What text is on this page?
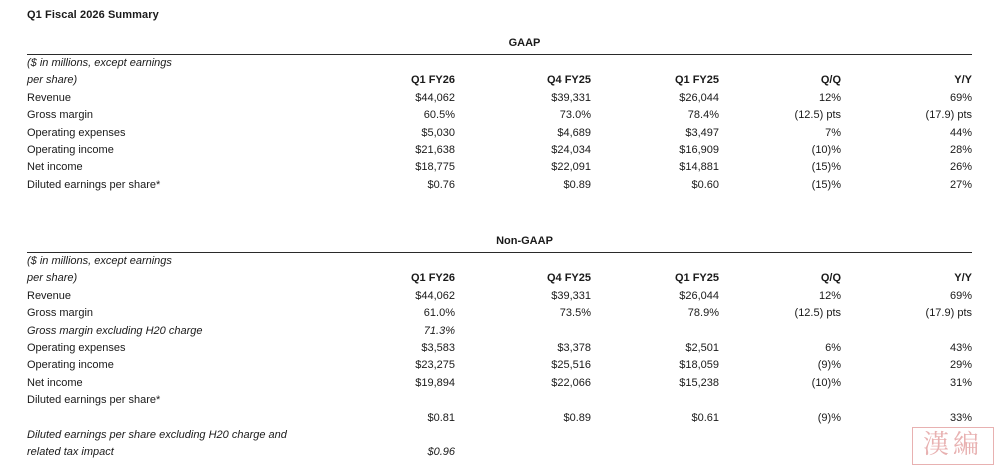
Q1 Fiscal 2026 Summary
GAAP
($ in millions, except earnings					
per share)	Q1 FY26	Q4 FY25	Q1 FY25	Q/Q	Y/Y
Revenue	$44,062	$39,331	$26,044	12%	69%
Gross margin	60.5%	73.0%	78.4%	(12.5) pts	(17.9) pts
Operating expenses	$5,030	$4,689	$3,497	7%	44%
Operating income	$21,638	$24,034	$16,909	(10)%	28%
Net income	$18,775	$22,091	$14,881	(15)%	26%
Diluted earnings per share*	$0.76	$0.89	$0.60	(15)%	27%
Non-GAAP
($ in millions, except earnings					
per share)	Q1 FY26	Q4 FY25	Q1 FY25	Q/Q	Y/Y
Revenue	$44,062	$39,331	$26,044	12%	69%
Gross margin	61.0%	73.5%	78.9%	(12.5) pts	(17.9) pts
Gross margin excluding H20 charge	71.3%				
Operating expenses	$3,583	$3,378	$2,501	6%	43%
Operating income	$23,275	$25,516	$18,059	(9)%	29%
Net income	$19,894	$22,066	$15,238	(10)%	31%
Diluted earnings per share*					
	$0.81	$0.89	$0.61	(9)%	33%
Diluted earnings per share excluding H20 charge and					
related tax impact	$0.96					漢編
